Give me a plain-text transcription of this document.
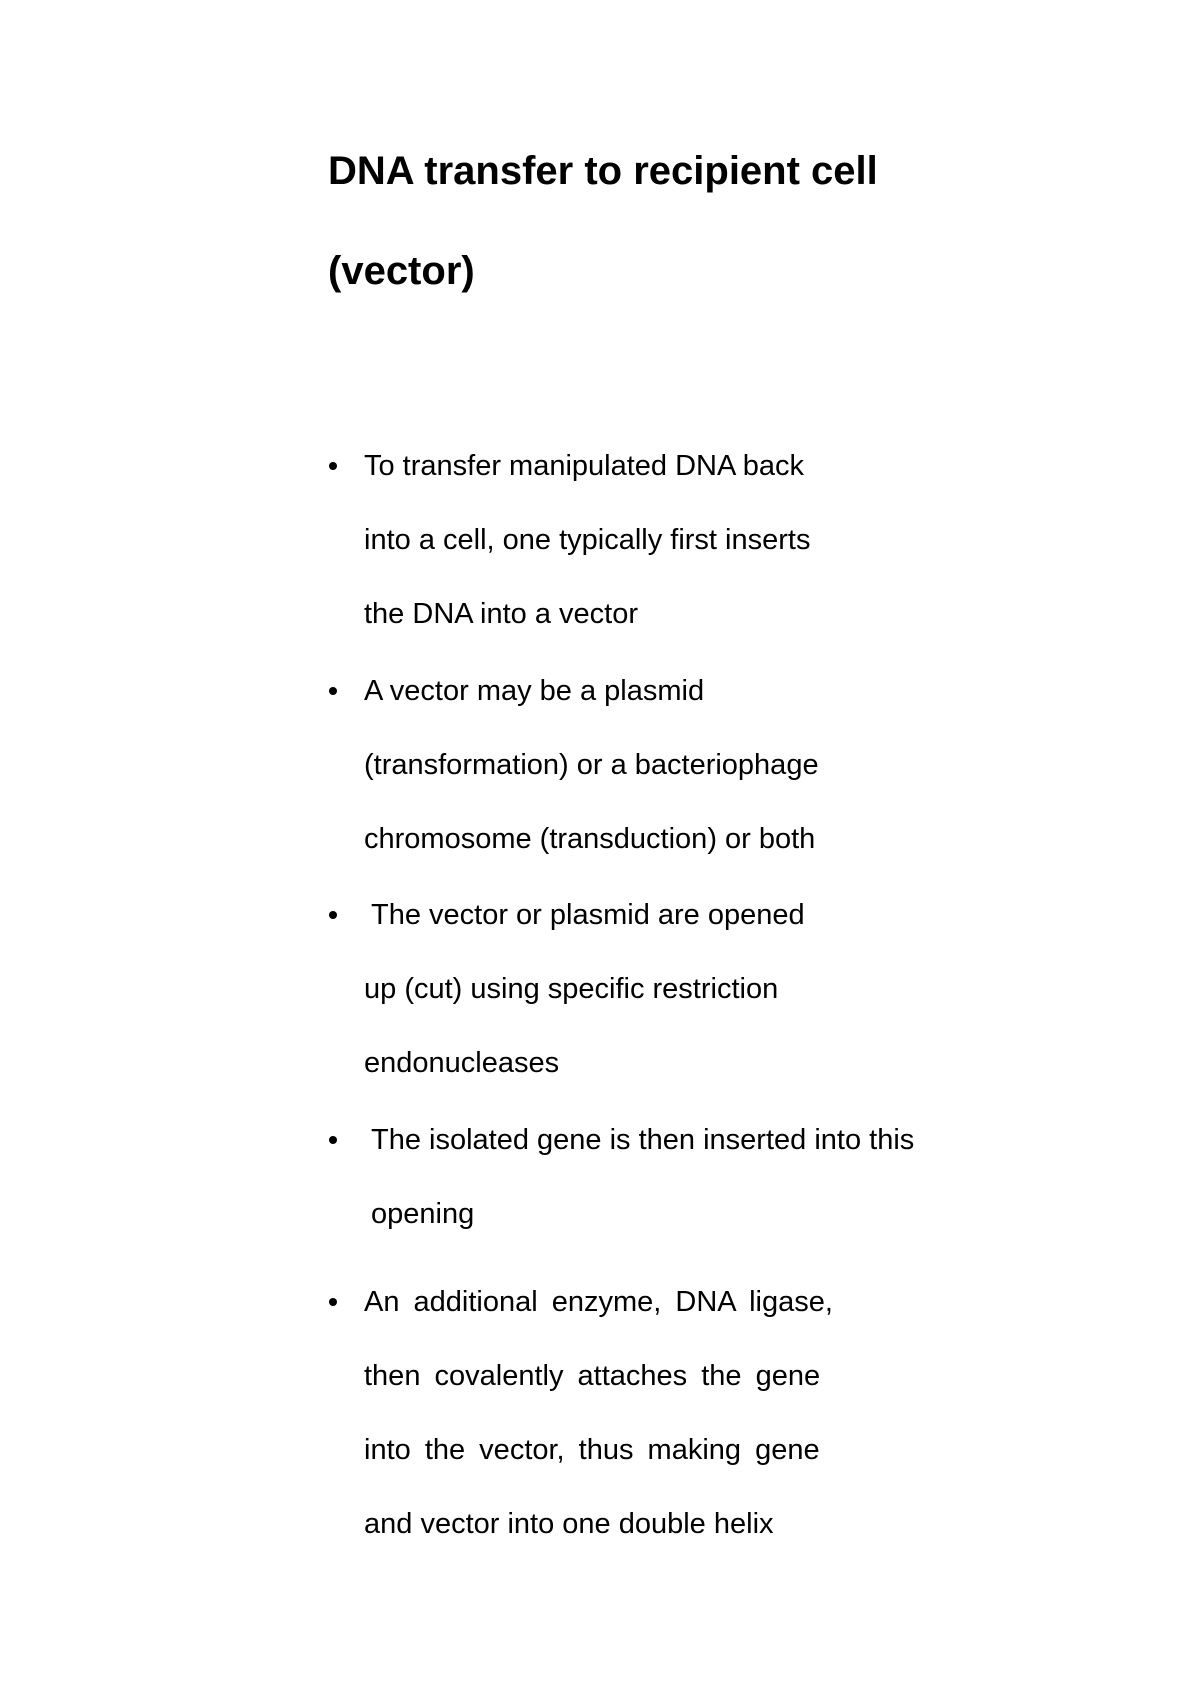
DNA transfer to recipient cell
(vector)
To transfer manipulated DNA back
into a cell, one typically first inserts
the DNA into a vector
A vector may be a plasmid
(transformation) or a bacteriophage
chromosome (transduction) or both
The vector or plasmid are opened
up (cut) using specific restriction
endonucleases
The isolated gene is then inserted into this
opening
An additional enzyme, DNA ligase,
then covalently attaches the gene
into the vector, thus making gene
and vector into one double helix
